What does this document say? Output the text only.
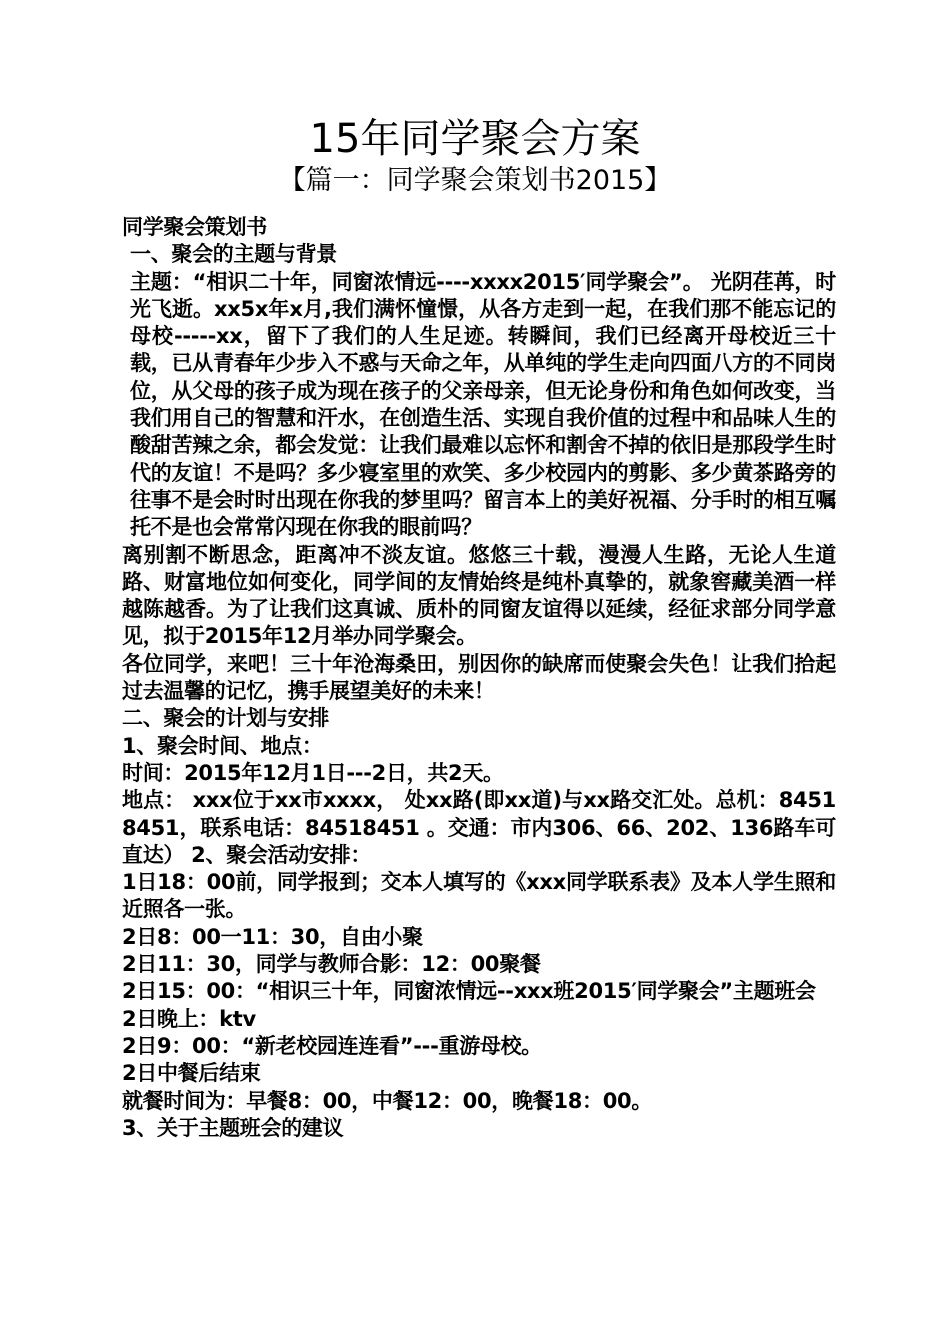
15年同学聚会方案
【篇一：同学聚会策划书2015】

同学聚会策划书

一、聚会的主题与背景

主题：“相识二十年，同窗浓情远----xxxx2015′同学聚会”。 光阴荏苒，时光飞逝。xx5x年x月,我们满怀憧憬，从各方走到一起，在我们那不能忘记的母校-----xx，留下了我们的人生足迹。转瞬间，我们已经离开母校近三十载，已从青春年少步入不惑与天命之年，从单纯的学生走向四面八方的不同岗位，从父母的孩子成为现在孩子的父亲母亲，但无论身份和角色如何改变，当我们用自己的智慧和汗水，在创造生活、实现自我价值的过程中和品味人生的酸甜苦辣之余，都会发觉：让我们最难以忘怀和割舍不掉的依旧是那段学生时代的友谊！不是吗？多少寝室里的欢笑、多少校园内的剪影、多少黄茶路旁的往事不是会时时出现在你我的梦里吗？留言本上的美好祝福、分手时的相互嘱托不是也会常常闪现在你我的眼前吗？

离别割不断思念，距离冲不淡友谊。悠悠三十载，漫漫人生路，无论人生道路、财富地位如何变化，同学间的友情始终是纯朴真挚的，就象窖藏美酒一样越陈越香。为了让我们这真诚、质朴的同窗友谊得以延续，经征求部分同学意见，拟于2015年12月举办同学聚会。

各位同学，来吧！三十年沧海桑田，别因你的缺席而使聚会失色！让我们拾起过去温馨的记忆，携手展望美好的未来！

二、聚会的计划与安排

1、聚会时间、地点：

时间：2015年12月1日---2日，共2天。

地点： xxx位于xx市xxxx， 处xx路(即xx道)与xx路交汇处。总机：84518451，联系电话：84518451 。交通：市内306、66、202、136路车可直达） 2、聚会活动安排：

1日18：00前，同学报到；交本人填写的《xxx同学联系表》及本人学生照和近照各一张。

2日8：00一11：30，自由小聚

2日11：30，同学与教师合影：12：00聚餐

2日15：00：“相识三十年，同窗浓情远--xxx班2015′同学聚会”主题班会

2日晚上：ktv

2日9：00：“新老校园连连看”---重游母校。

2日中餐后结束

就餐时间为：早餐8：00，中餐12：00，晚餐18：00。

3、关于主题班会的建议
